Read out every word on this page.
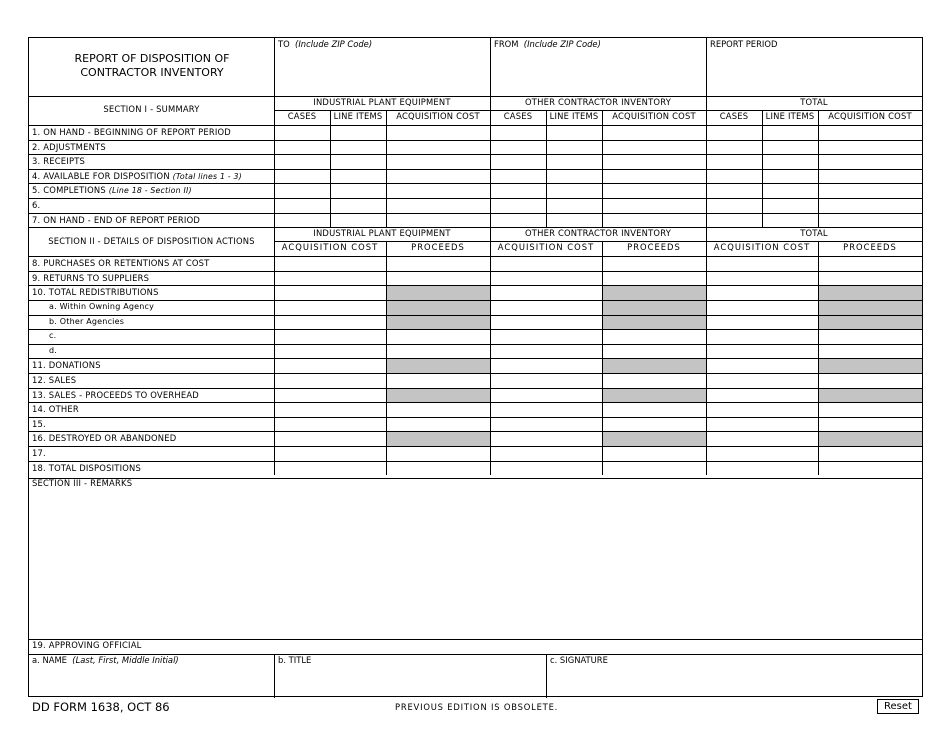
REPORT OF DISPOSITION OF
CONTRACTOR INVENTORY
TO (Include ZIP Code)	FROM (Include ZIP Code)	REPORT PERIOD
SECTION III - REMARKS
19. APPROVING OFFICIAL
a. NAME (Last, First, Middle Initial)	b. TITLE	c. SIGNATURE
SECTION I - SUMMARY
INDUSTRIAL PLANT EQUIPMENT
CASES	LINE ITEMS	ACQUISITION COST
OTHER CONTRACTOR INVENTORY
CASES	LINE ITEMS	ACQUISITION COST
TOTAL
CASES	LINE ITEMS	ACQUISITION COST
1. ON HAND - BEGINNING OF REPORT PERIOD
2. ADJUSTMENTS
3. RECEIPTS
4. AVAILABLE FOR DISPOSITION (Total lines 1 - 3)
5. COMPLETIONS (Line 18 - Section II)
6.
7. ON HAND - END OF REPORT PERIOD
SECTION II - DETAILS OF DISPOSITION ACTIONS
INDUSTRIAL PLANT EQUIPMENT
ACQUISITION COST	PROCEEDS
OTHER CONTRACTOR INVENTORY
ACQUISITION COST	PROCEEDS
TOTAL
ACQUISITION COST	PROCEEDS
8. PURCHASES OR RETENTIONS AT COST
9. RETURNS TO SUPPLIERS
10. TOTAL REDISTRIBUTIONS
a. Within Owning Agency
b. Other Agencies
c.
d.
11. DONATIONS
12. SALES
13. SALES - PROCEEDS TO OVERHEAD
14. OTHER
15.
16. DESTROYED OR ABANDONED
17.
18. TOTAL DISPOSITIONS
DD FORM 1638, OCT 86	PREVIOUS EDITION IS OBSOLETE.	Reset
